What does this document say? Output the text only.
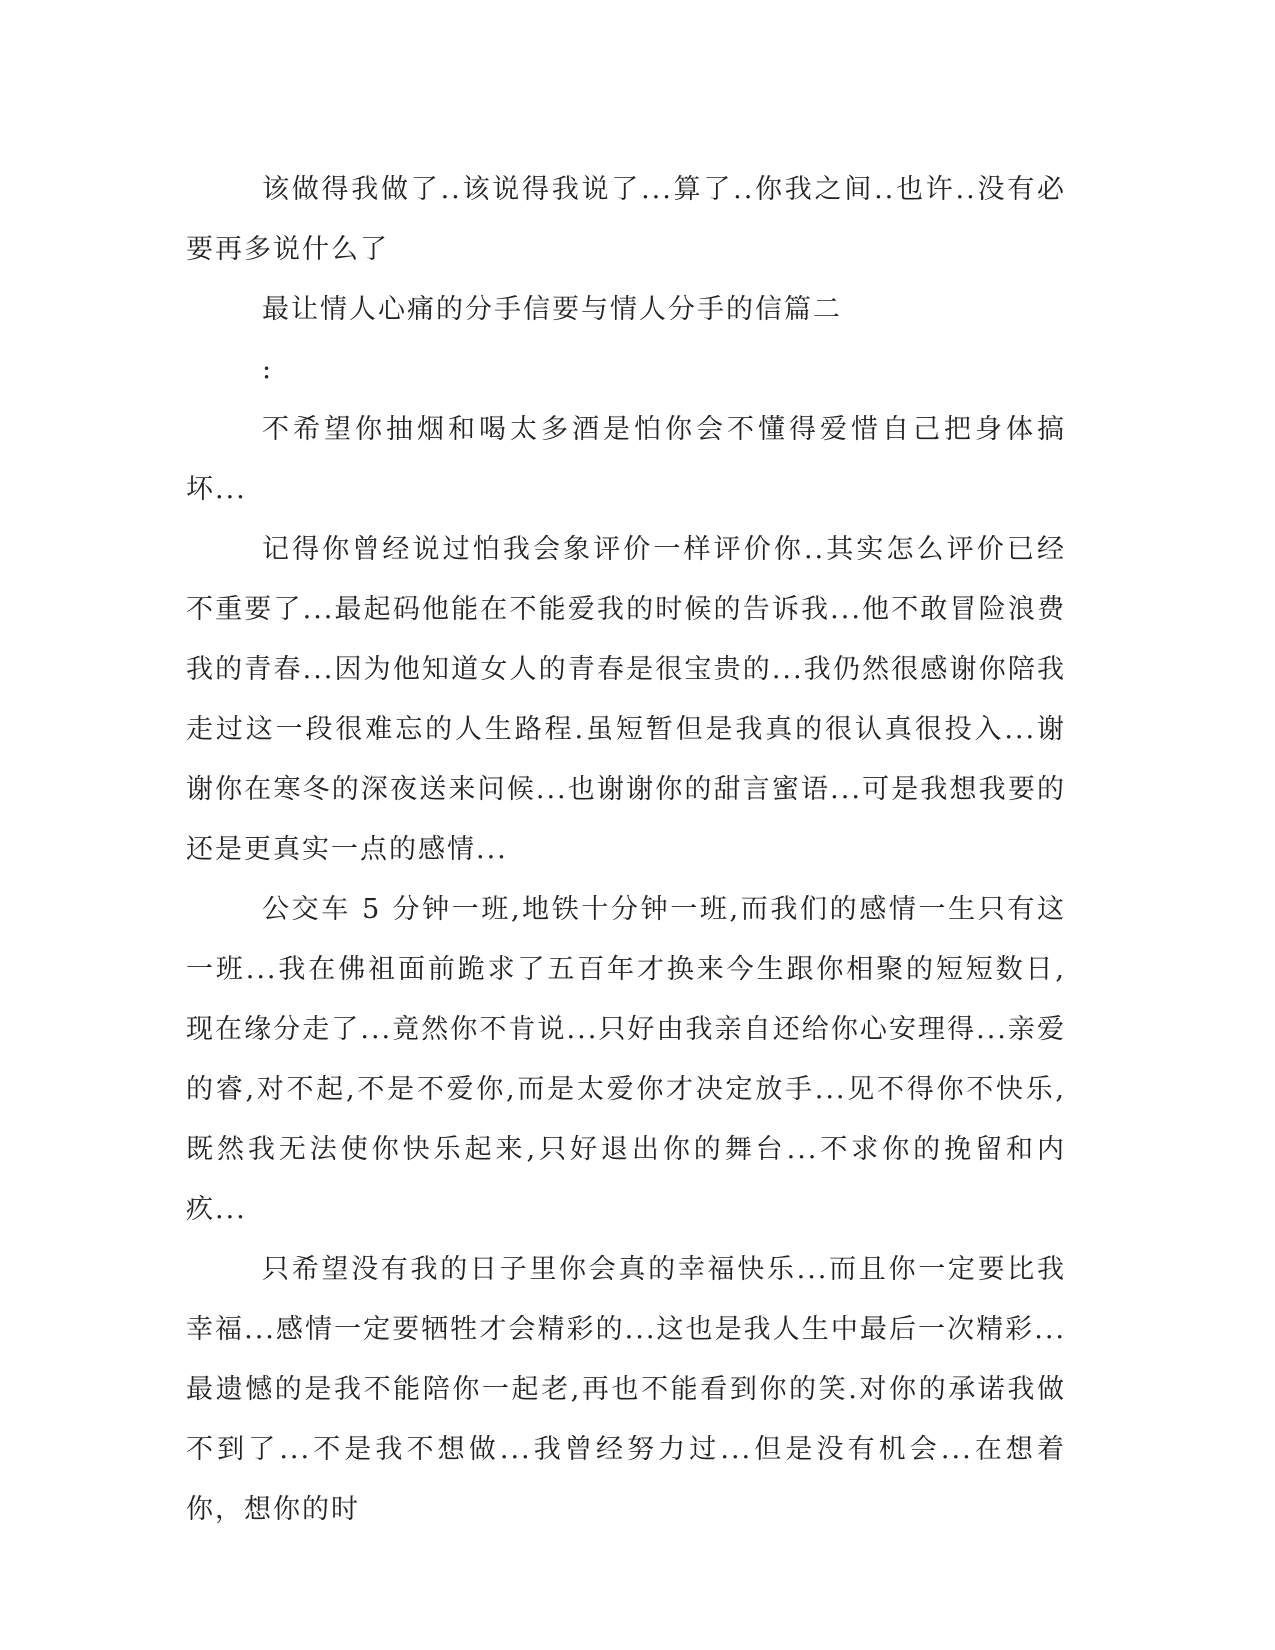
该做得我做了..该说得我说了...算了..你我之间..也许..没有必要再多说什么了

最让情人心痛的分手信要与情人分手的信篇二

:

不希望你抽烟和喝太多酒是怕你会不懂得爱惜自己把身体搞坏...

记得你曾经说过怕我会象评价一样评价你..其实怎么评价已经不重要了...最起码他能在不能爱我的时候的告诉我...他不敢冒险浪费我的青春...因为他知道女人的青春是很宝贵的...我仍然很感谢你陪我走过这一段很难忘的人生路程.虽短暂但是我真的很认真很投入...谢谢你在寒冬的深夜送来问候...也谢谢你的甜言蜜语...可是我想我要的还是更真实一点的感情...

公交车 5 分钟一班,地铁十分钟一班,而我们的感情一生只有这一班...我在佛祖面前跪求了五百年才换来今生跟你相聚的短短数日,现在缘分走了...竟然你不肯说...只好由我亲自还给你心安理得...亲爱的睿,对不起,不是不爱你,而是太爱你才决定放手...见不得你不快乐,既然我无法使你快乐起来,只好退出你的舞台...不求你的挽留和内疚...

只希望没有我的日子里你会真的幸福快乐...而且你一定要比我幸福...感情一定要牺牲才会精彩的...这也是我人生中最后一次精彩...最遗憾的是我不能陪你一起老,再也不能看到你的笑.对你的承诺我做不到了...不是我不想做...我曾经努力过...但是没有机会...在想着你，想你的时
